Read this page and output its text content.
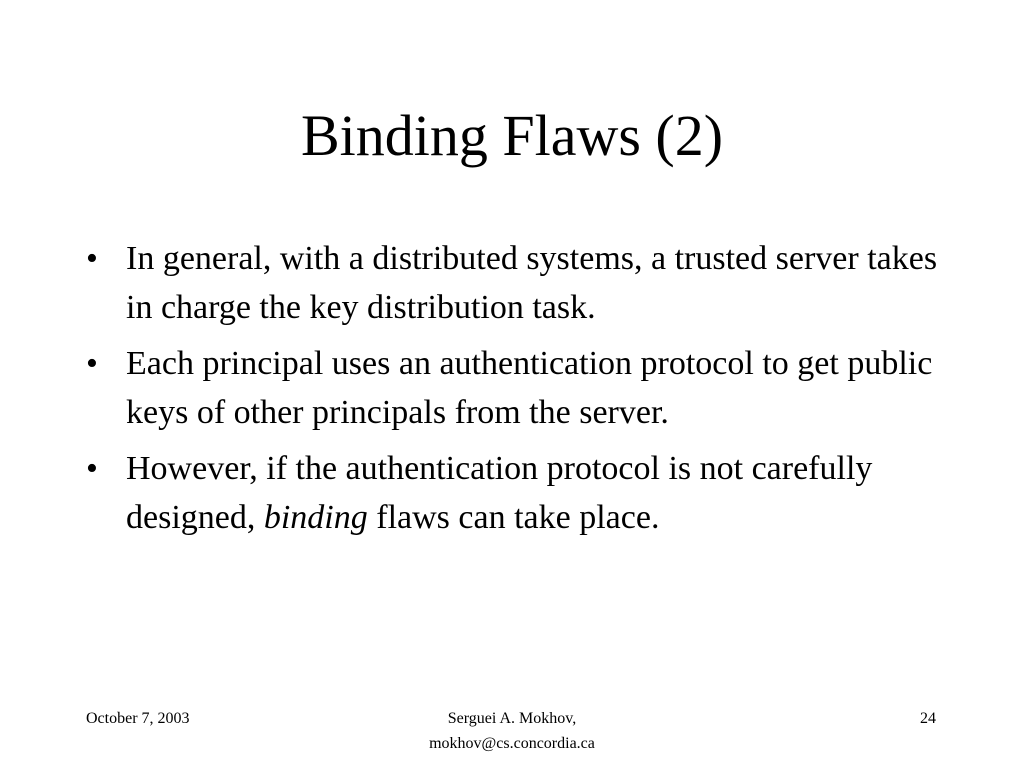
Binding Flaws (2)
• In general, with a distributed systems, a trusted server takes in charge the key distribution task.
• Each principal uses an authentication protocol to get public keys of other principals from the server.
• However, if the authentication protocol is not carefully designed, binding flaws can take place.
October 7, 2003	Serguei A. Mokhov,
mokhov@cs.concordia.ca
24
